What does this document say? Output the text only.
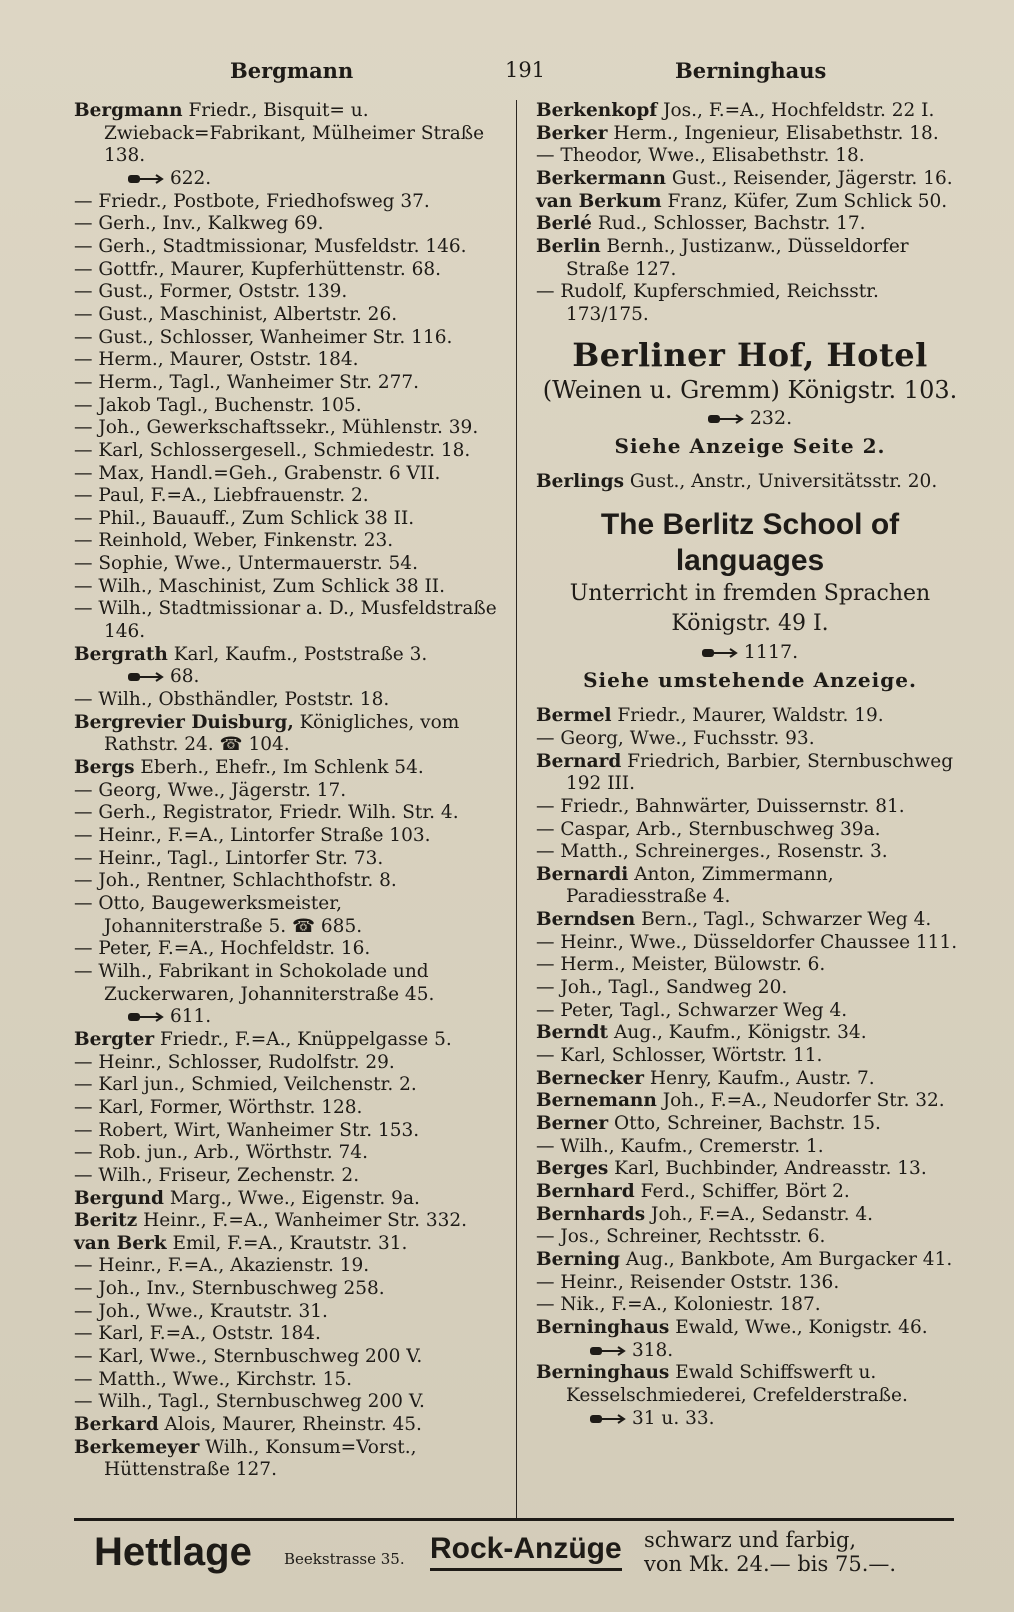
Bergmann	191	Berninghaus
Bergmann Friedr., Bisquit= u. Zwieback=Fabrikant, Mülheimer Straße 138.
622.
— Friedr., Postbote, Friedhofsweg 37.
— Gerh., Inv., Kalkweg 69.
— Gerh., Stadtmissionar, Musfeldstr. 146.
— Gottfr., Maurer, Kupferhüttenstr. 68.
— Gust., Former, Oststr. 139.
— Gust., Maschinist, Albertstr. 26.
— Gust., Schlosser, Wanheimer Str. 116.
— Herm., Maurer, Oststr. 184.
— Herm., Tagl., Wanheimer Str. 277.
— Jakob Tagl., Buchenstr. 105.
— Joh., Gewerkschaftssekr., Mühlenstr. 39.
— Karl, Schlossergesell., Schmiedestr. 18.
— Max, Handl.=Geh., Grabenstr. 6 VII.
— Paul, F.=A., Liebfrauenstr. 2.
— Phil., Bauauff., Zum Schlick 38 II.
— Reinhold, Weber, Finkenstr. 23.
— Sophie, Wwe., Untermauerstr. 54.
— Wilh., Maschinist, Zum Schlick 38 II.
— Wilh., Stadtmissionar a. D., Musfeldstraße 146.
Bergrath Karl, Kaufm., Poststraße 3.
68.
— Wilh., Obsthändler, Poststr. 18.
Bergrevier Duisburg, Königliches, vom Rathstr. 24. ☎ 104.
Bergs Eberh., Ehefr., Im Schlenk 54.
— Georg, Wwe., Jägerstr. 17.
— Gerh., Registrator, Friedr. Wilh. Str. 4.
— Heinr., F.=A., Lintorfer Straße 103.
— Heinr., Tagl., Lintorfer Str. 73.
— Joh., Rentner, Schlachthofstr. 8.
— Otto, Baugewerksmeister, Johanniterstraße 5. ☎ 685.
— Peter, F.=A., Hochfeldstr. 16.
— Wilh., Fabrikant in Schokolade und Zuckerwaren, Johanniterstraße 45.
611.
Bergter Friedr., F.=A., Knüppelgasse 5.
— Heinr., Schlosser, Rudolfstr. 29.
— Karl jun., Schmied, Veilchenstr. 2.
— Karl, Former, Wörthstr. 128.
— Robert, Wirt, Wanheimer Str. 153.
— Rob. jun., Arb., Wörthstr. 74.
— Wilh., Friseur, Zechenstr. 2.
Bergund Marg., Wwe., Eigenstr. 9a.
Beritz Heinr., F.=A., Wanheimer Str. 332.
van Berk Emil, F.=A., Krautstr. 31.
— Heinr., F.=A., Akazienstr. 19.
— Joh., Inv., Sternbuschweg 258.
— Joh., Wwe., Krautstr. 31.
— Karl, F.=A., Oststr. 184.
— Karl, Wwe., Sternbuschweg 200 V.
— Matth., Wwe., Kirchstr. 15.
— Wilh., Tagl., Sternbuschweg 200 V.
Berkard Alois, Maurer, Rheinstr. 45.
Berkemeyer Wilh., Konsum=Vorst., Hüttenstraße 127.
Berkenkopf Jos., F.=A., Hochfeldstr. 22 I.
Berker Herm., Ingenieur, Elisabethstr. 18.
— Theodor, Wwe., Elisabethstr. 18.
Berkermann Gust., Reisender, Jägerstr. 16.
van Berkum Franz, Küfer, Zum Schlick 50.
Berlé Rud., Schlosser, Bachstr. 17.
Berlin Bernh., Justizanw., Düsseldorfer Straße 127.
— Rudolf, Kupferschmied, Reichsstr. 173/175.
Berliner Hof, Hotel
(Weinen u. Gremm) Königstr. 103.
232.
Siehe Anzeige Seite 2.
Berlings Gust., Anstr., Universitätsstr. 20.
The Berlitz School of
languages
Unterricht in fremden Sprachen
Königstr. 49 I.
1117.
Siehe umstehende Anzeige.
Bermel Friedr., Maurer, Waldstr. 19.
— Georg, Wwe., Fuchsstr. 93.
Bernard Friedrich, Barbier, Sternbuschweg 192 III.
— Friedr., Bahnwärter, Duissernstr. 81.
— Caspar, Arb., Sternbuschweg 39a.
— Matth., Schreinerges., Rosenstr. 3.
Bernardi Anton, Zimmermann, Paradiesstraße 4.
Berndsen Bern., Tagl., Schwarzer Weg 4.
— Heinr., Wwe., Düsseldorfer Chaussee 111.
— Herm., Meister, Bülowstr. 6.
— Joh., Tagl., Sandweg 20.
— Peter, Tagl., Schwarzer Weg 4.
Berndt Aug., Kaufm., Königstr. 34.
— Karl, Schlosser, Wörtstr. 11.
Bernecker Henry, Kaufm., Austr. 7.
Bernemann Joh., F.=A., Neudorfer Str. 32.
Berner Otto, Schreiner, Bachstr. 15.
— Wilh., Kaufm., Cremerstr. 1.
Berges Karl, Buchbinder, Andreasstr. 13.
Bernhard Ferd., Schiffer, Bört 2.
Bernhards Joh., F.=A., Sedanstr. 4.
— Jos., Schreiner, Rechtsstr. 6.
Berning Aug., Bankbote, Am Burgacker 41.
— Heinr., Reisender Oststr. 136.
— Nik., F.=A., Koloniestr. 187.
Berninghaus Ewald, Wwe., Konigstr. 46.
318.
Berninghaus Ewald Schiffswerft u. Kesselschmiederei, Crefelderstraße.
31 u. 33.
Hettlage Beekstrasse 35. Rock-Anzüge schwarz und farbig,
von Mk. 24.— bis 75.—.
